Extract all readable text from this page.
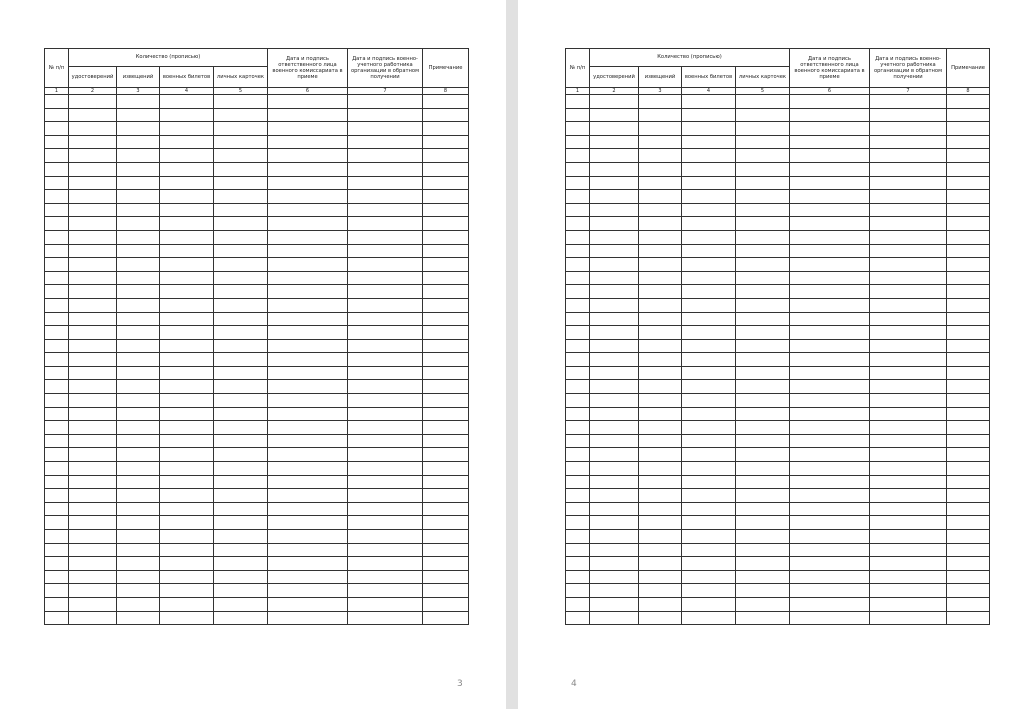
№ п/п	Количество (прописью)				Дата и подпись ответственного лица военного комиссариата в приеме	Дата и подпись военно-учетного работника организации в обратном получении	Примечание
	удостоверений	извещений	военных билетов	личных карточек			
1	2	3	4	5	6	7	8

3
№ п/п	Количество (прописью)				Дата и подпись ответственного лица военного комиссариата в приеме	Дата и подпись военно-учетного работника организации в обратном получении	Примечание
	удостоверений	извещений	военных билетов	личных карточек			
1	2	3	4	5	6	7	8

4
